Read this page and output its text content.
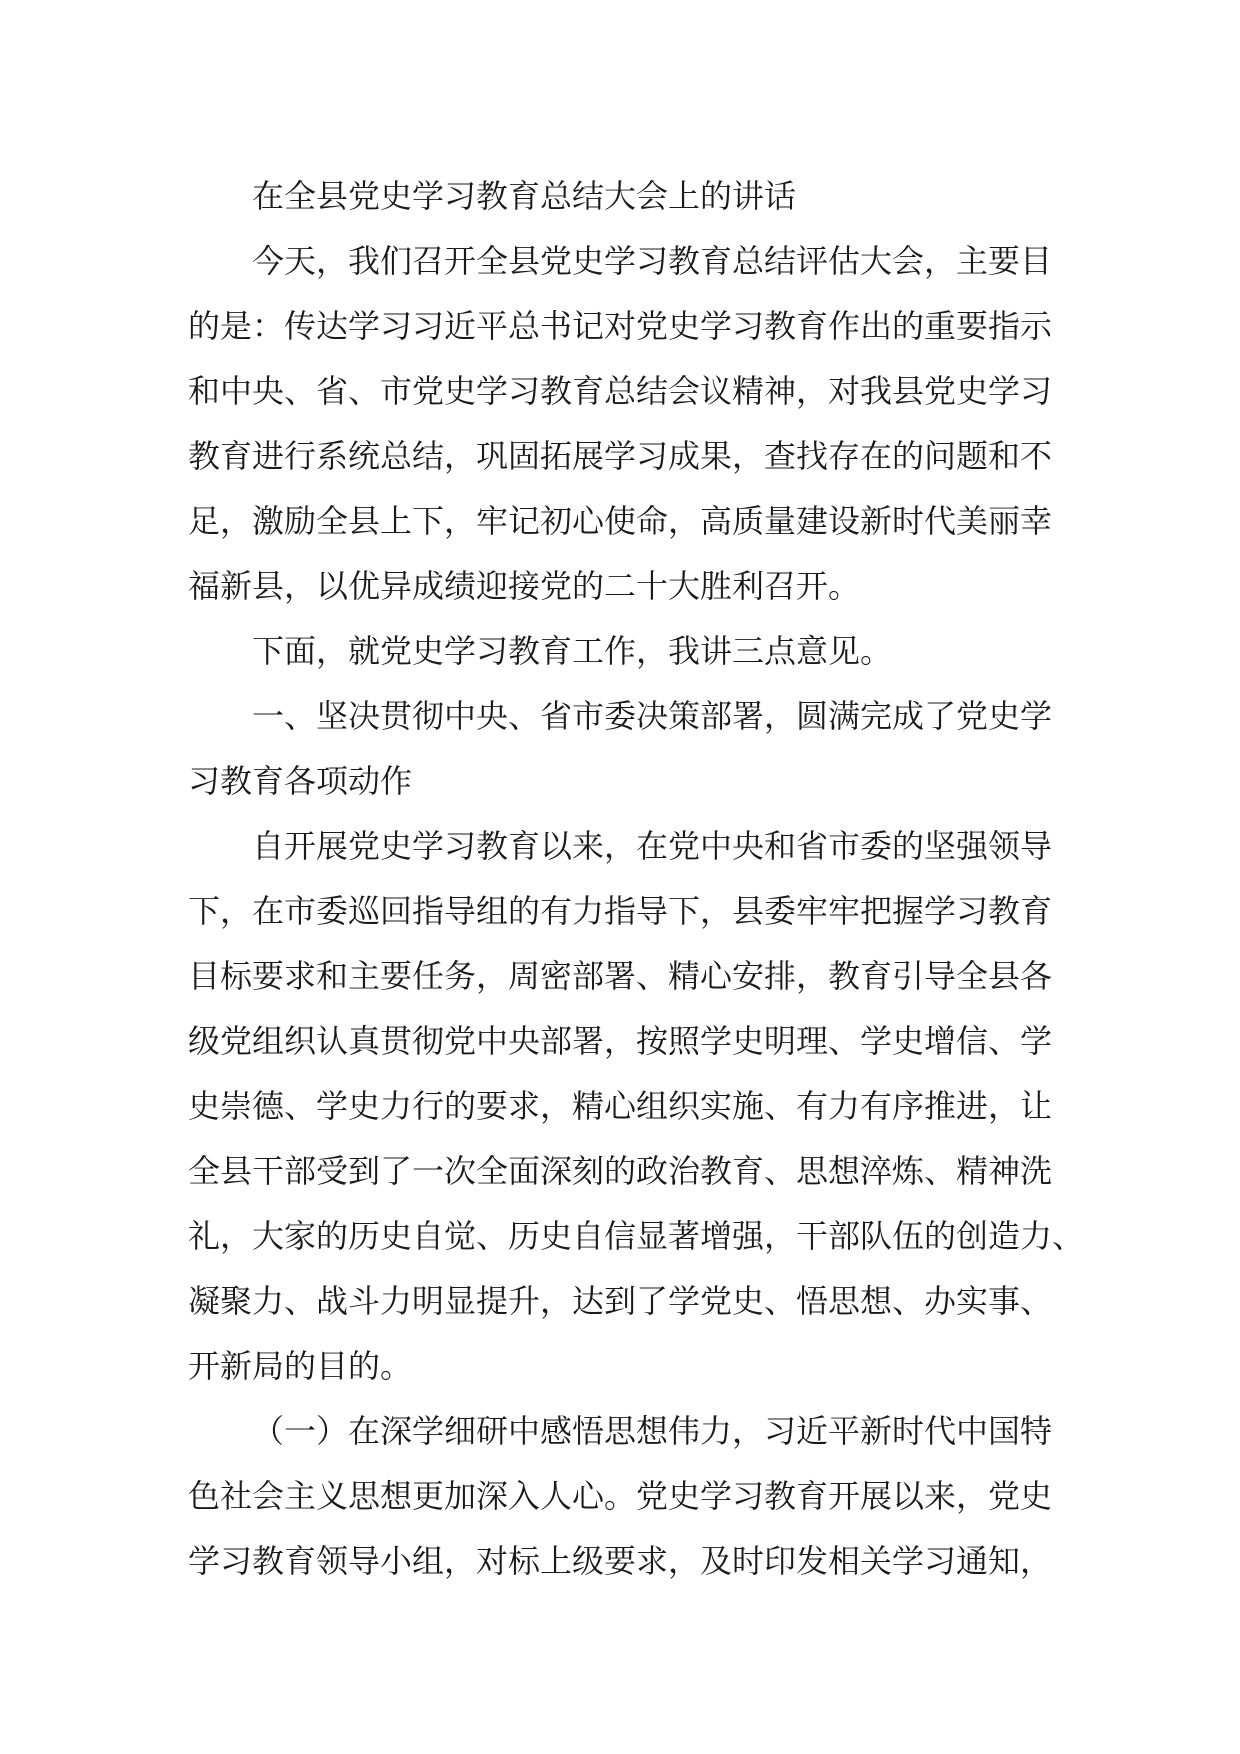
在全县党史学习教育总结大会上的讲话
今天，我们召开全县党史学习教育总结评估大会，主要目
的是：传达学习习近平总书记对党史学习教育作出的重要指示
和中央、省、市党史学习教育总结会议精神，对我县党史学习
教育进行系统总结，巩固拓展学习成果，查找存在的问题和不
足，激励全县上下，牢记初心使命，高质量建设新时代美丽幸
福新县，以优异成绩迎接党的二十大胜利召开。
下面，就党史学习教育工作，我讲三点意见。
一、坚决贯彻中央、省市委决策部署，圆满完成了党史学
习教育各项动作
自开展党史学习教育以来，在党中央和省市委的坚强领导
下，在市委巡回指导组的有力指导下，县委牢牢把握学习教育
目标要求和主要任务，周密部署、精心安排，教育引导全县各
级党组织认真贯彻党中央部署，按照学史明理、学史增信、学
史崇德、学史力行的要求，精心组织实施、有力有序推进，让
全县干部受到了一次全面深刻的政治教育、思想淬炼、精神洗
礼，大家的历史自觉、历史自信显著增强，干部队伍的创造力、
凝聚力、战斗力明显提升，达到了学党史、悟思想、办实事、
开新局的目的。
（一）在深学细研中感悟思想伟力，习近平新时代中国特
色社会主义思想更加深入人心。党史学习教育开展以来，党史
学习教育领导小组，对标上级要求，及时印发相关学习通知，
